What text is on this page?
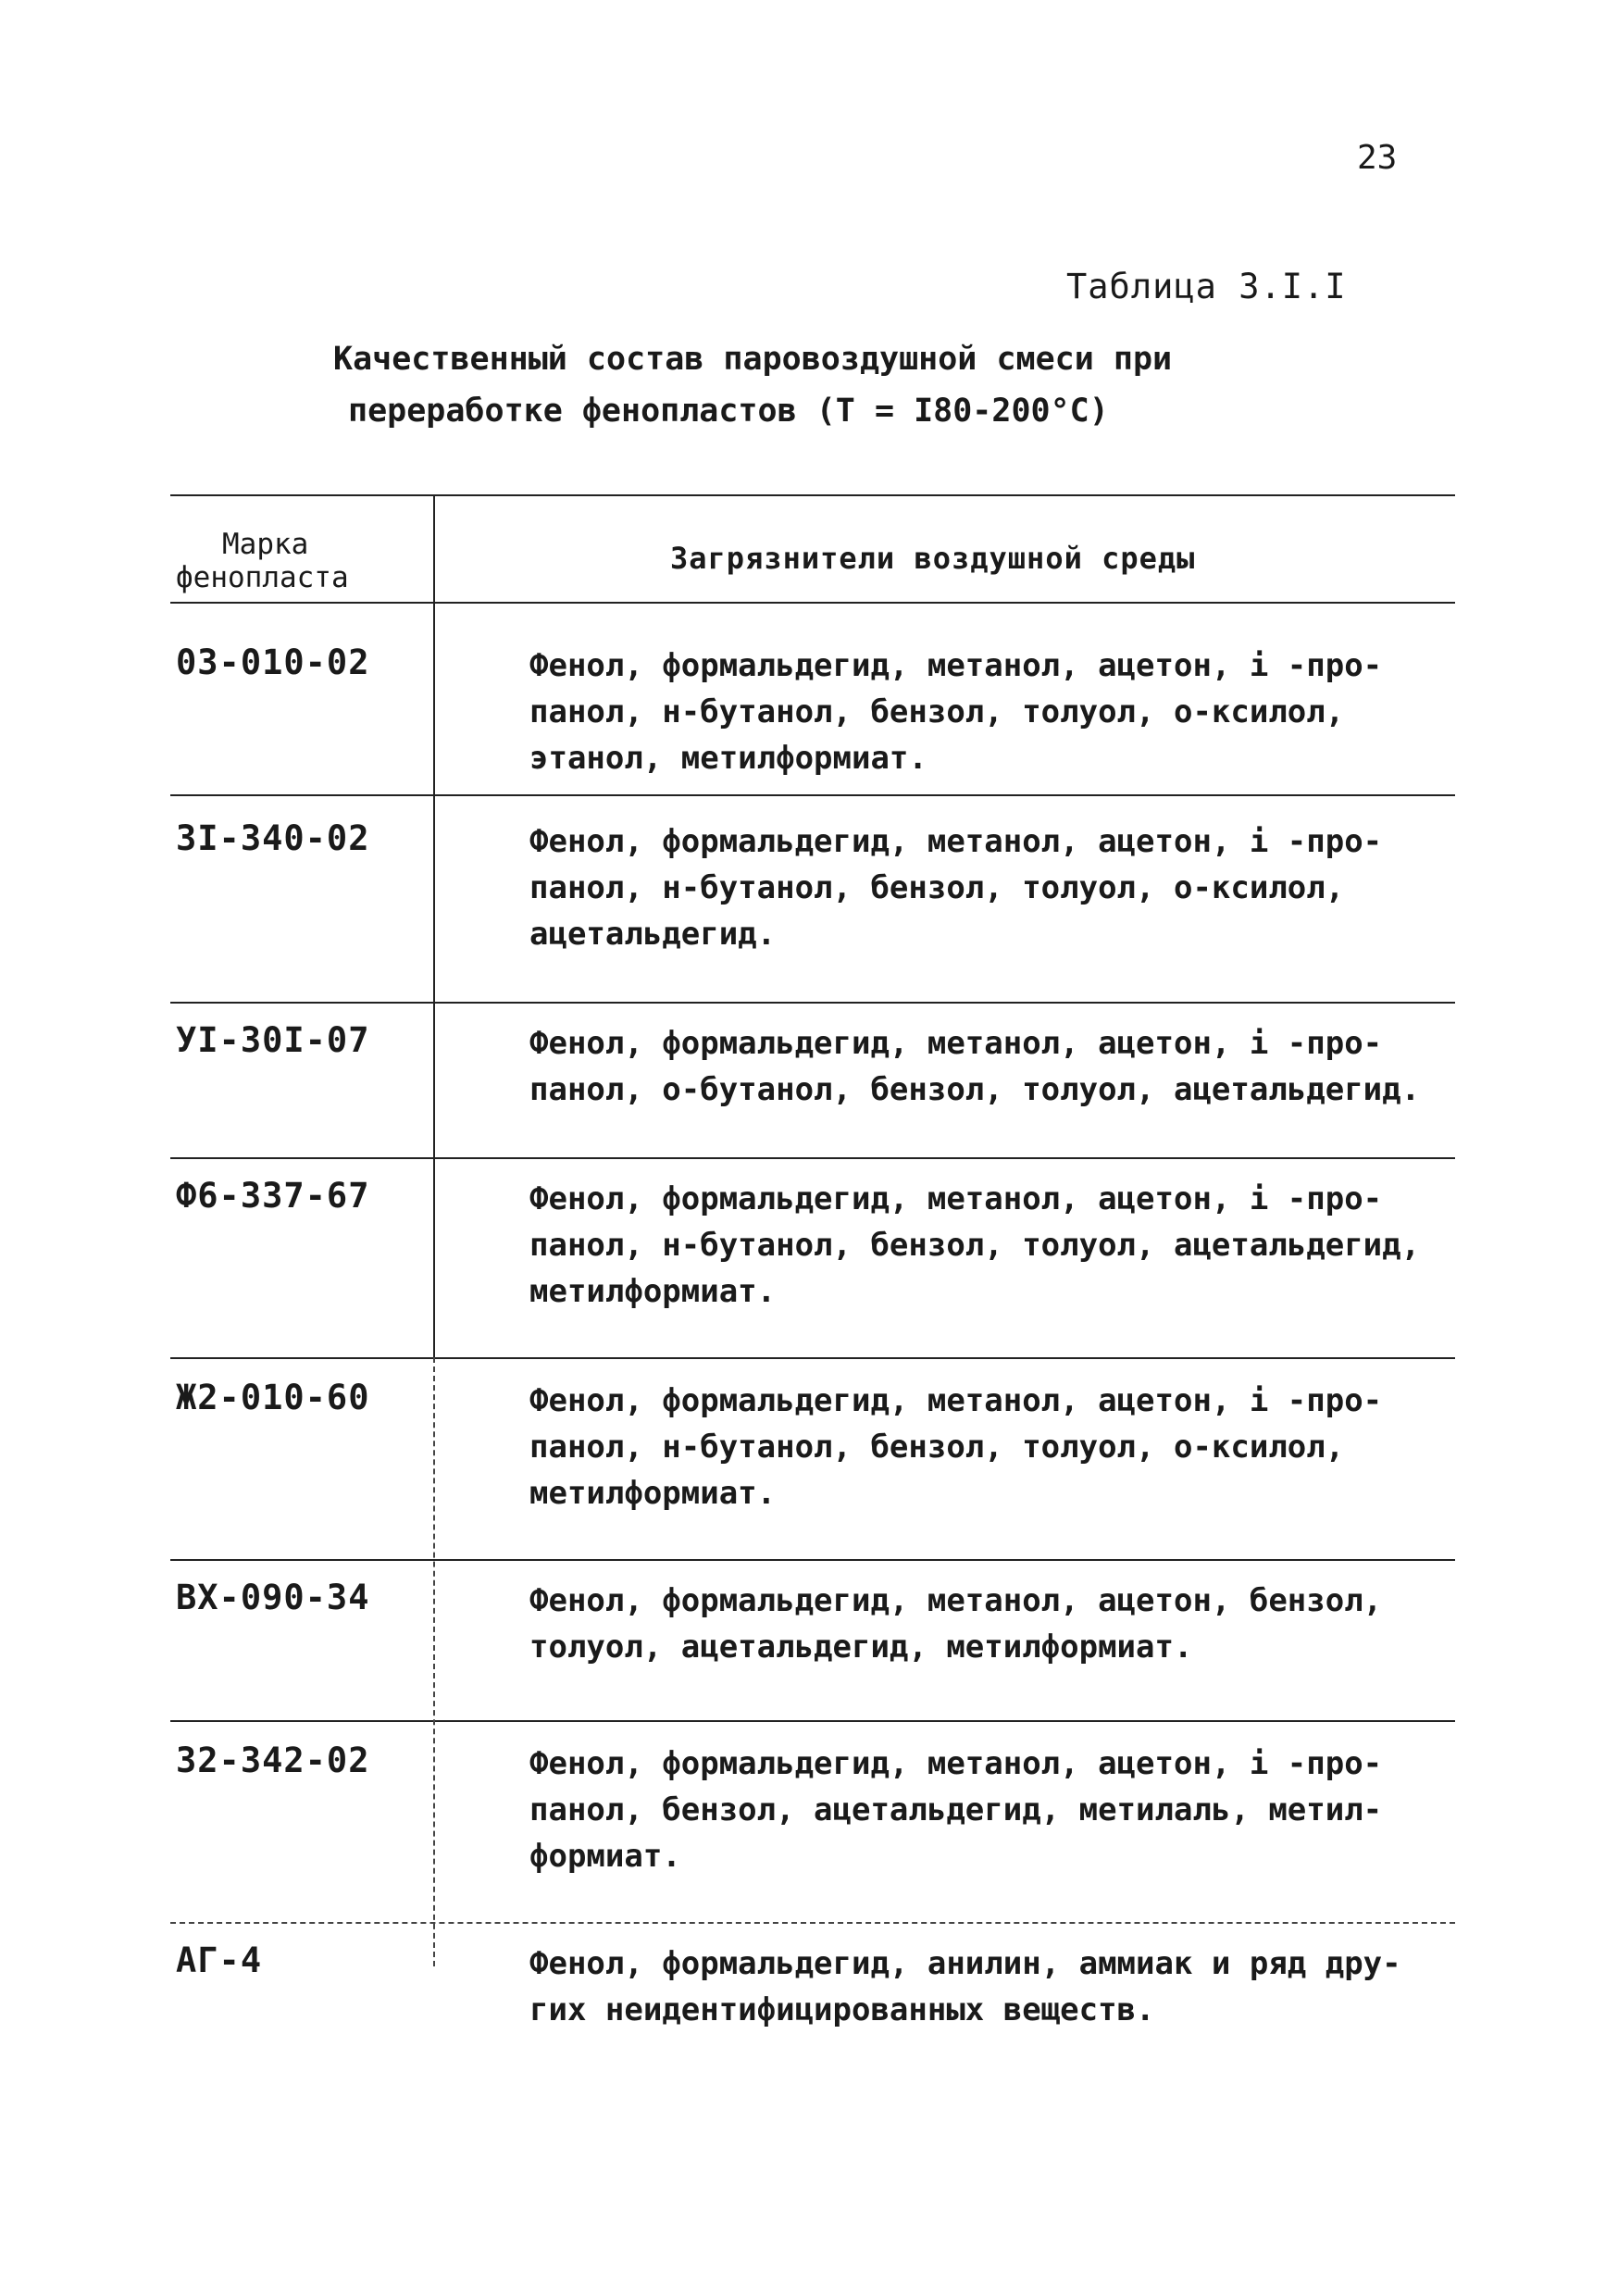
23
Таблица 3.I.I
Качественный состав паровоздушной смеси при
переработке фенопластов (Т = I80-200°С)
Марка
фенопласта
Загрязнители воздушной среды
03-010-02	Фенол, формальдегид, метанол, ацетон, i -про-
панол, н-бутанол, бензол, толуол, о-ксилол,
этанол, метилформиат.
3I-340-02	Фенол, формальдегид, метанол, ацетон, i -про-
панол, н-бутанол, бензол, толуол, о-ксилол,
ацетальдегид.
УI-30I-07	Фенол, формальдегид, метанол, ацетон, i -про-
панол, о-бутанол, бензол, толуол, ацетальдегид.
Ф6-337-67	Фенол, формальдегид, метанол, ацетон, i -про-
панол, н-бутанол, бензол, толуол, ацетальдегид,
метилформиат.
Ж2-010-60	Фенол, формальдегид, метанол, ацетон, i -про-
панол, н-бутанол, бензол, толуол, о-ксилол,
метилформиат.
ВХ-090-34	Фенол, формальдегид, метанол, ацетон, бензол,
толуол, ацетальдегид, метилформиат.
З2-342-02	Фенол, формальдегид, метанол, ацетон, i -про-
панол, бензол, ацетальдегид, метилаль, метил-
формиат.
АГ-4	Фенол, формальдегид, анилин, аммиак и ряд дру-
гих неидентифицированных веществ.
